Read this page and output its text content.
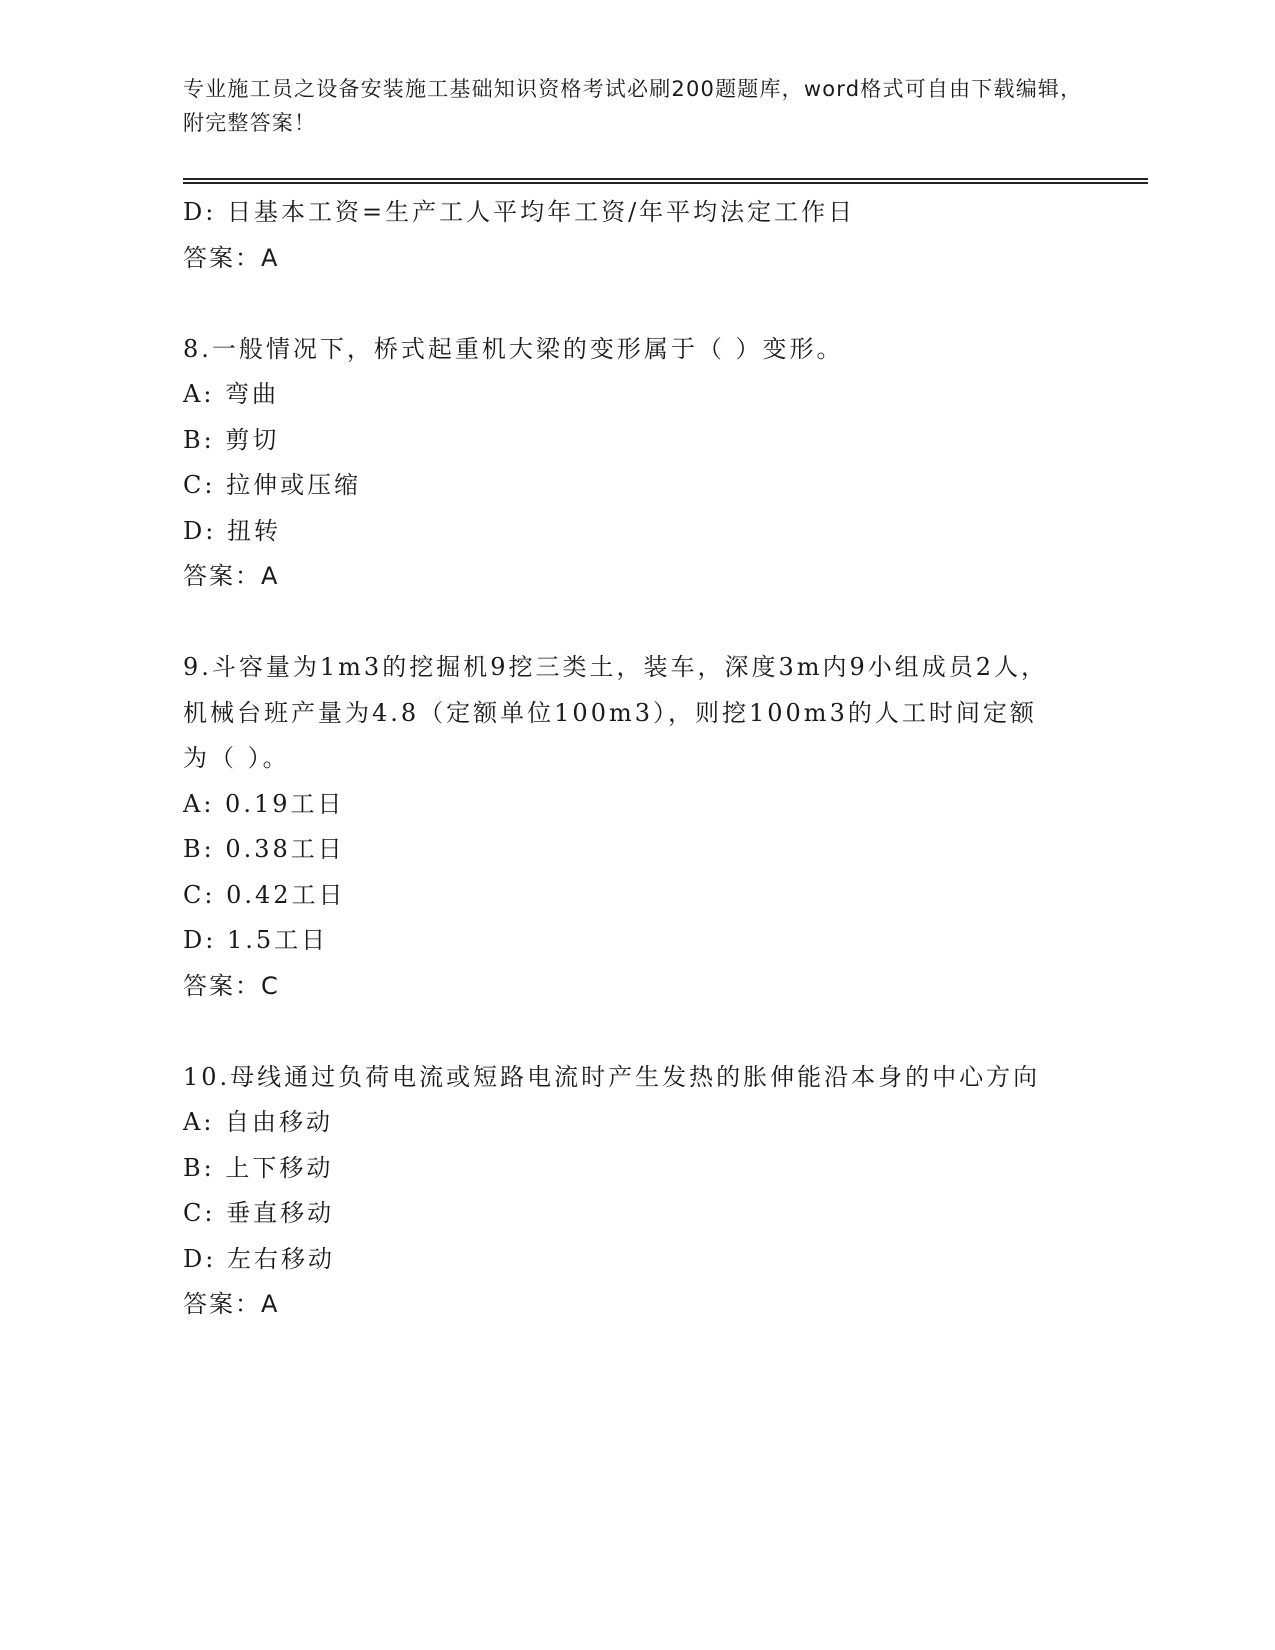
专业施工员之设备安装施工基础知识资格考试必刷200题题库，word格式可自由下载编辑，附完整答案！
D: 日基本工资=生产工人平均年工资/年平均法定工作日
答案：A
8.一般情况下，桥式起重机大梁的变形属于（ ）变形。
A: 弯曲
B: 剪切
C: 拉伸或压缩
D: 扭转
答案：A
9.斗容量为1m3的挖掘机9挖三类土，装车，深度3m内9小组成员2人，机械台班产量为4.8（定额单位100m3），则挖100m3的人工时间定额为（ ）。
A: 0.19工日
B: 0.38工日
C: 0.42工日
D: 1.5工日
答案：C
10.母线通过负荷电流或短路电流时产生发热的胀伸能沿本身的中心方向
A: 自由移动
B: 上下移动
C: 垂直移动
D: 左右移动
答案：A
